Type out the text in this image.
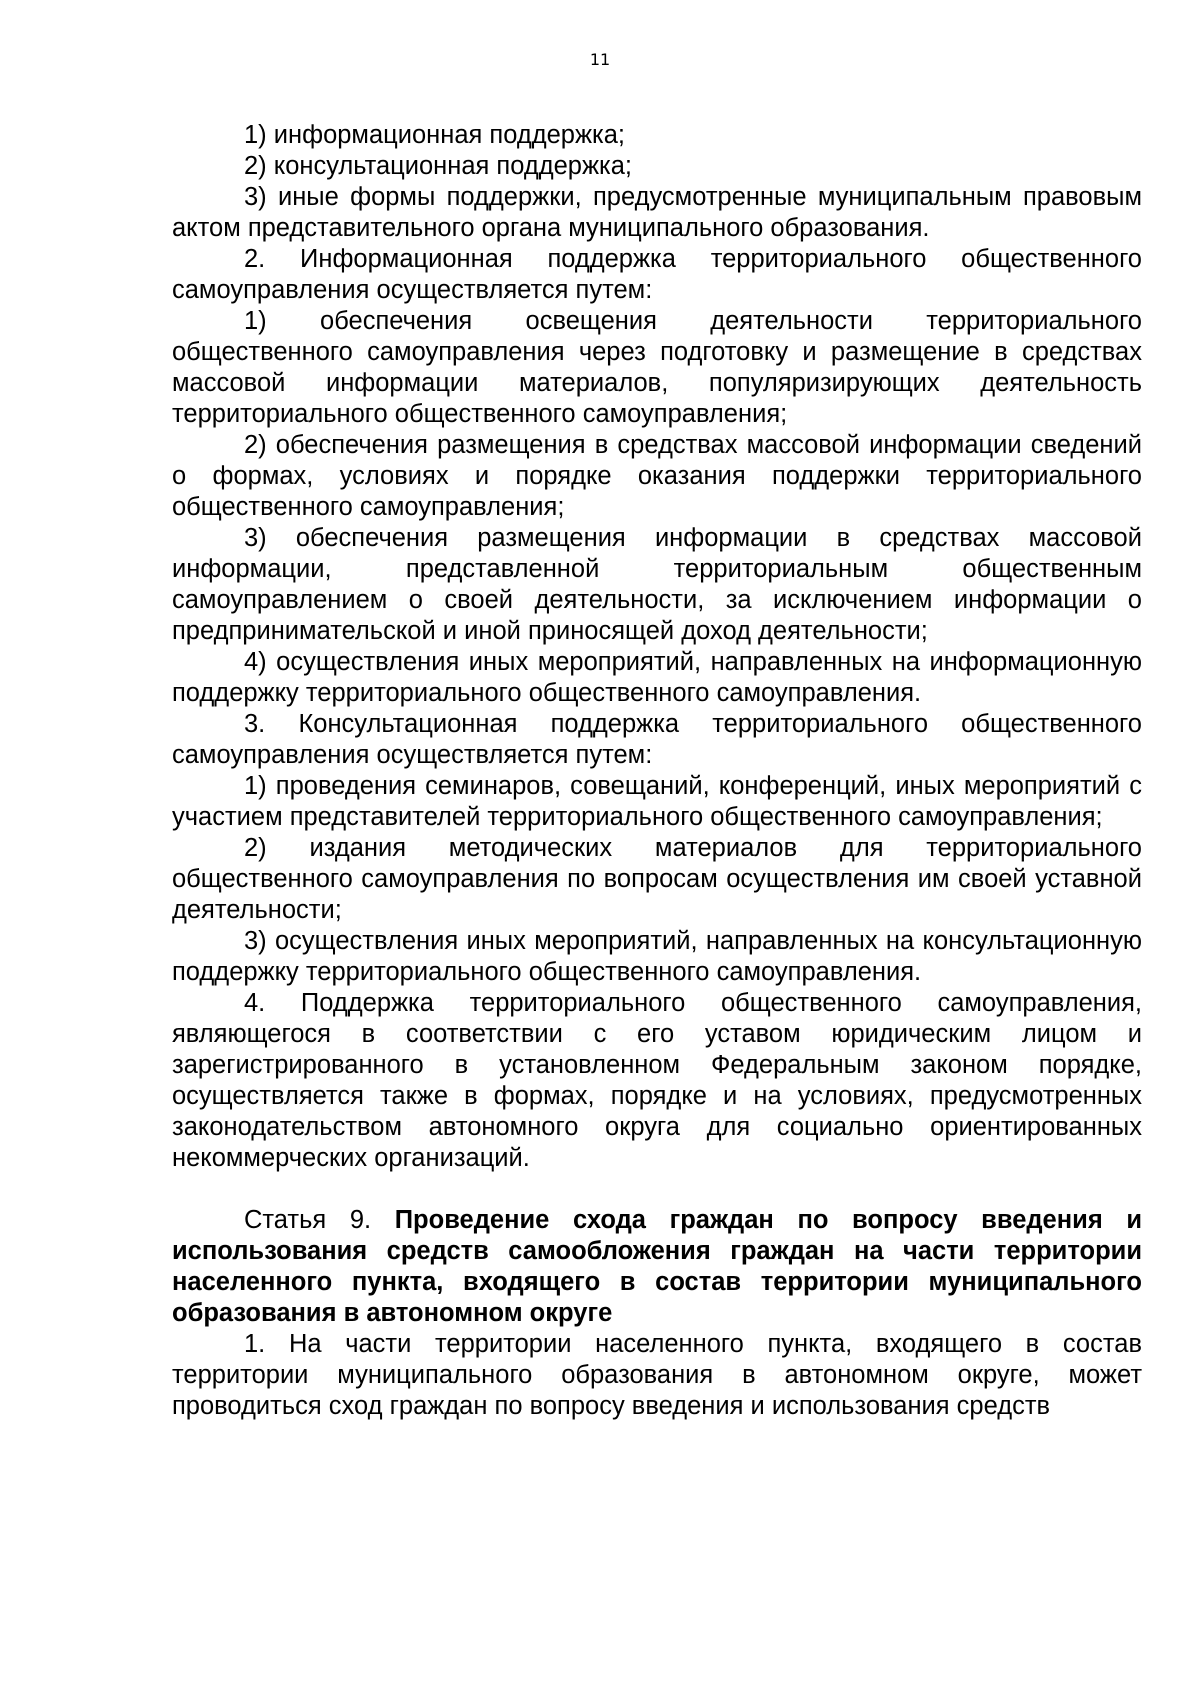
11

1) информационная поддержка;

2) консультационная поддержка;

3) иные формы поддержки, предусмотренные муниципальным правовым актом представительного органа муниципального образования.

2. Информационная поддержка территориального общественного самоуправления осуществляется путем:

1) обеспечения освещения деятельности территориального общественного самоуправления через подготовку и размещение в средствах массовой информации материалов, популяризирующих деятельность территориального общественного самоуправления;

2) обеспечения размещения в средствах массовой информации сведений о формах, условиях и порядке оказания поддержки территориального общественного самоуправления;

3) обеспечения размещения информации в средствах массовой информации, представленной территориальным общественным самоуправлением о своей деятельности, за исключением информации о предпринимательской и иной приносящей доход деятельности;

4) осуществления иных мероприятий, направленных на информационную поддержку территориального общественного самоуправления.

3. Консультационная поддержка территориального общественного самоуправления осуществляется путем:

1) проведения семинаров, совещаний, конференций, иных мероприятий с участием представителей территориального общественного самоуправления;

2) издания методических материалов для территориального общественного самоуправления по вопросам осуществления им своей уставной деятельности;

3) осуществления иных мероприятий, направленных на консультационную поддержку территориального общественного самоуправления.

4. Поддержка территориального общественного самоуправления, являющегося в соответствии с его уставом юридическим лицом и зарегистрированного в установленном Федеральным законом порядке, осуществляется также в формах, порядке и на условиях, предусмотренных законодательством автономного округа для социально ориентированных некоммерческих организаций.

Статья 9. Проведение схода граждан по вопросу введения и использования средств самообложения граждан на части территории населенного пункта, входящего в состав территории муниципального образования в автономном округе

1. На части территории населенного пункта, входящего в состав территории муниципального образования в автономном округе, может проводиться сход граждан по вопросу введения и использования средств
